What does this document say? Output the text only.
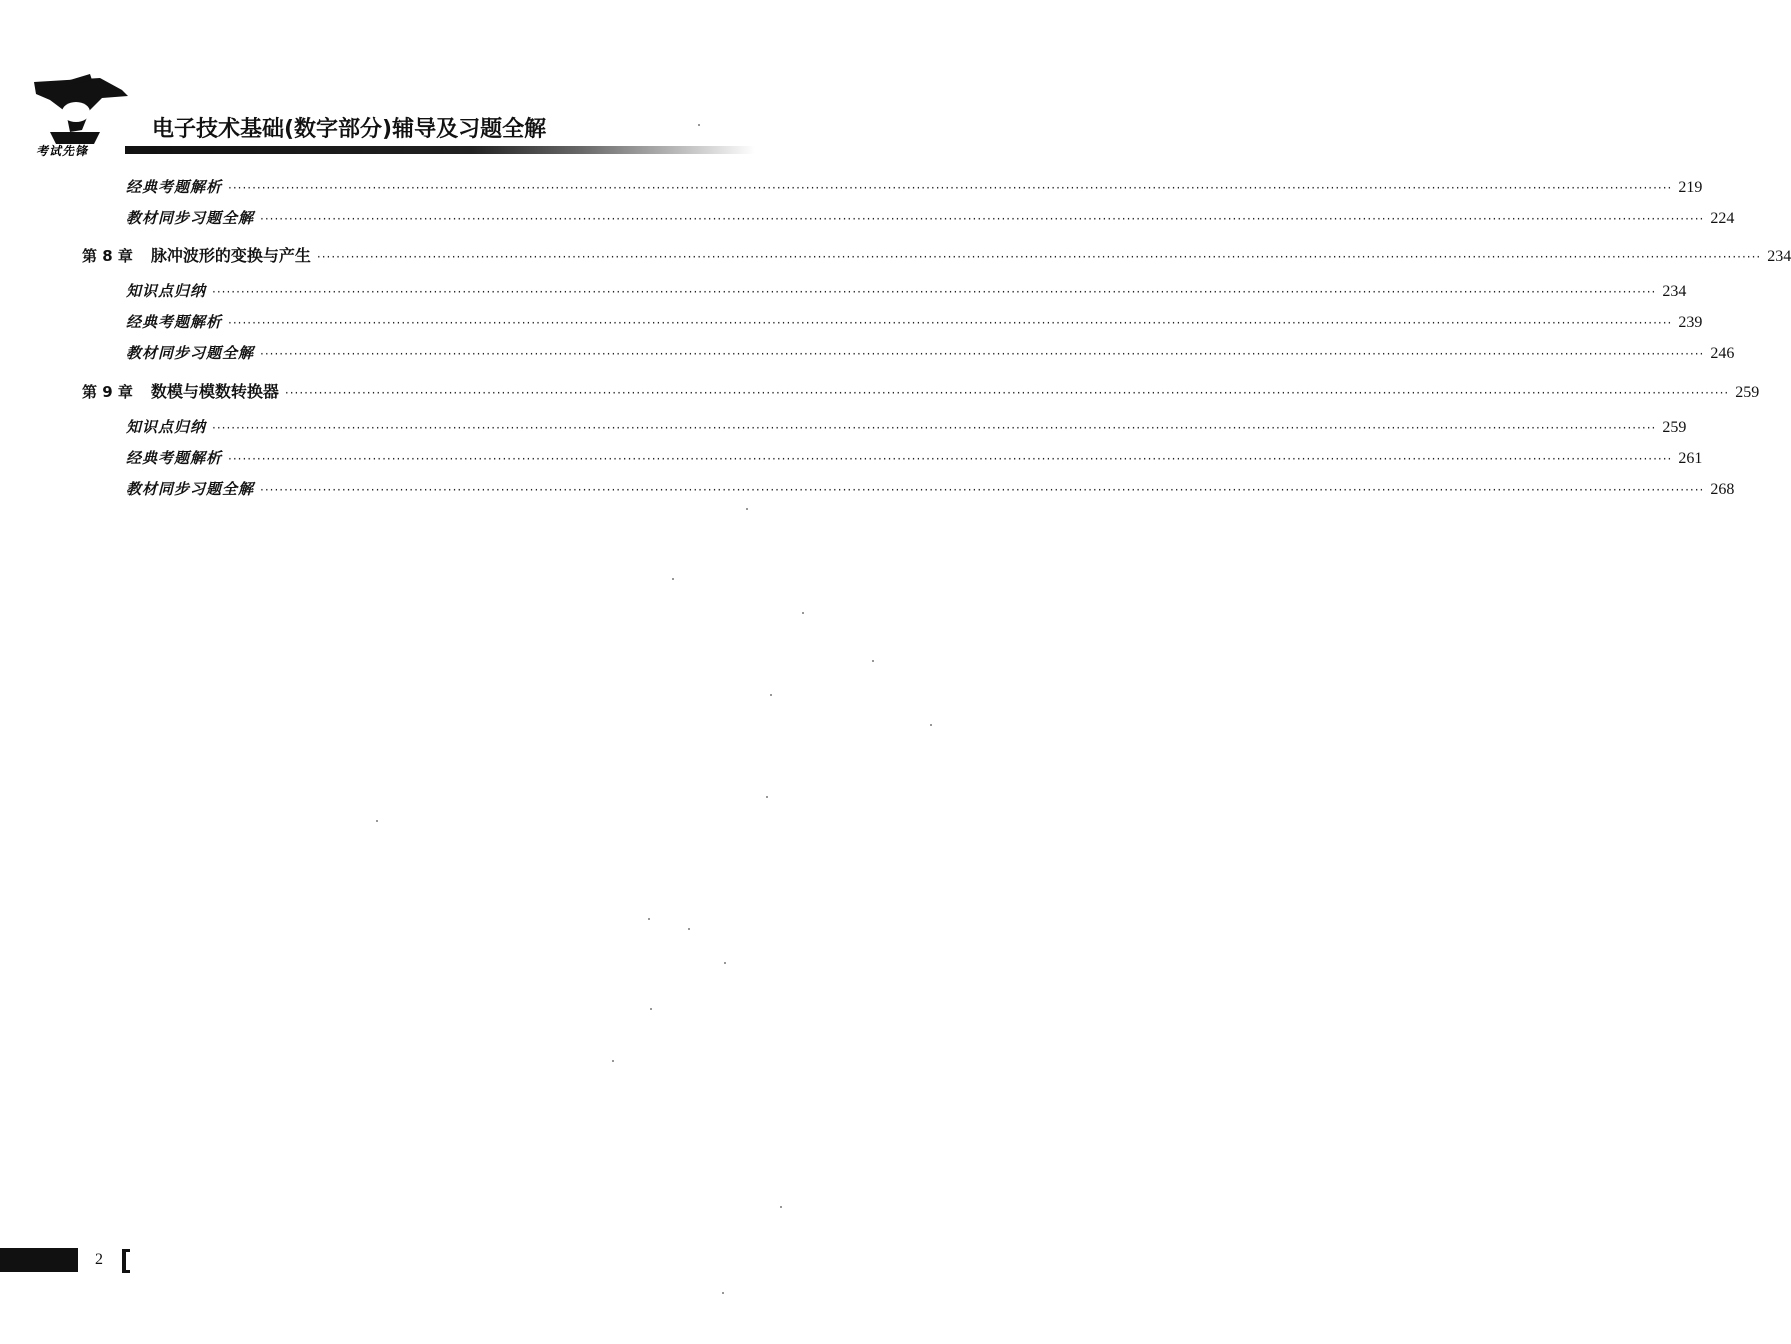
考试先锋
电子技术基础(数字部分)辅导及习题全解
经典考题解析 ············································································································································································································································································································ 219
教材同步习题全解 ············································································································································································································································································································ 224
第 8 章 脉冲波形的变换与产生 ············································································································································································································································································································ 234
知识点归纳 ············································································································································································································································································································ 234
经典考题解析 ············································································································································································································································································································ 239
教材同步习题全解 ············································································································································································································································································································ 246
第 9 章 数模与模数转换器 ············································································································································································································································································································ 259
知识点归纳 ············································································································································································································································································································ 259
经典考题解析 ············································································································································································································································································································ 261
教材同步习题全解 ············································································································································································································································································································ 268
2
